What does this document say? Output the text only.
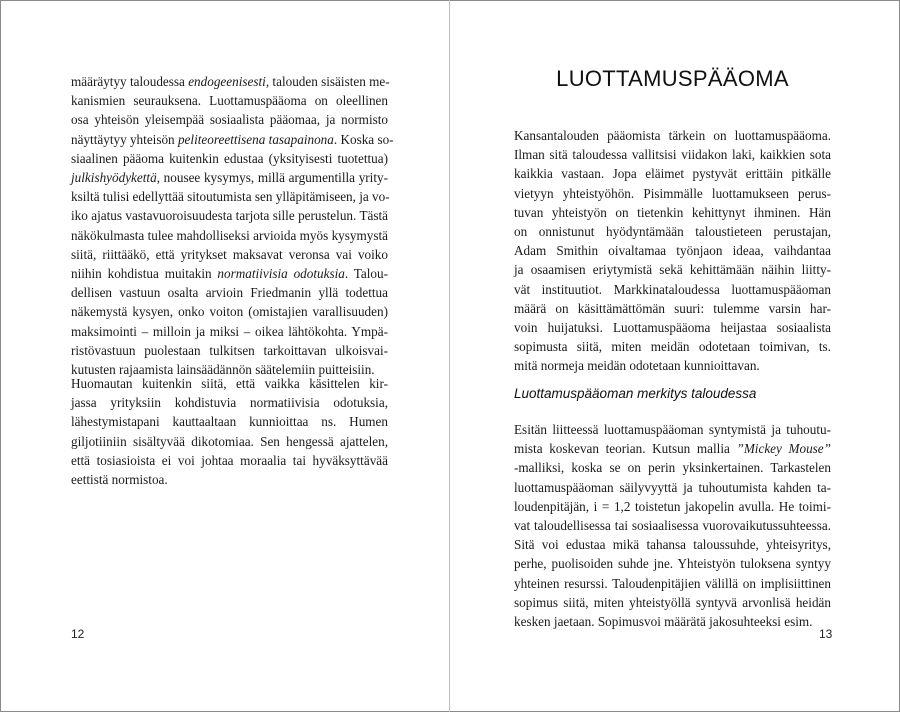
määräytyy taloudessa endogeenisesti, talouden sisäisten me-
kanismien seurauksena. Luottamuspääoma on oleellinen
osa yhteisön yleisempää sosiaalista pääomaa, ja normisto
näyttäytyy yhteisön peliteoreettisena tasapainona. Koska so-
siaalinen pääoma kuitenkin edustaa (yksityisesti tuotettua)
julkishyödykettä, nousee kysymys, millä argumentilla yrity-
ksiltä tulisi edellyttää sitoutumista sen ylläpitämiseen, ja vo-
iko ajatus vastavuoroisuudesta tarjota sille perustelun. Tästä
näkökulmasta tulee mahdolliseksi arvioida myös kysymystä
siitä, riittääkö, että yritykset maksavat veronsa vai voiko
niihin kohdistua muitakin normatiivisia odotuksia. Talou-
dellisen vastuun osalta arvioin Friedmanin yllä todettua
näkemystä kysyen, onko voiton (omistajien varallisuuden)
maksimointi – milloin ja miksi – oikea lähtökohta. Ympä-
ristövastuun puolestaan tulkitsen tarkoittavan ulkoisvai-
kutusten rajaamista lainsäädännön säätelemiin puitteisiin.
Huomautan kuitenkin siitä, että vaikka käsittelen kir-
jassa yrityksiin kohdistuvia normatiivisia odotuksia,
lähestymistapani kauttaaltaan kunnioittaa ns. Humen
giljotiiniin sisältyvää dikotomiaa. Sen hengessä ajattelen,
että tosiasioista ei voi johtaa moraalia tai hyväksyttävää
eettistä normistoa.
12
LUOTTAMUSPÄÄOMA
Kansantalouden pääomista tärkein on luottamuspääoma.
Ilman sitä taloudessa vallitsisi viidakon laki, kaikkien sota
kaikkia vastaan. Jopa eläimet pystyvät erittäin pitkälle
vietyyn yhteistyöhön. Pisimmälle luottamukseen perus-
tuvan yhteistyön on tietenkin kehittynyt ihminen. Hän
on onnistunut hyödyntämään taloustieteen perustajan,
Adam Smithin oivaltamaa työnjaon ideaa, vaihdantaa
ja osaamisen eriytymistä sekä kehittämään näihin liitty-
vät instituutiot. Markkinataloudessa luottamuspääoman
määrä on käsittämättömän suuri: tulemme varsin har-
voin huijatuksi. Luottamuspääoma heijastaa sosiaalista
sopimusta siitä, miten meidän odotetaan toimivan, ts.
mitä normeja meidän odotetaan kunnioittavan.
Luottamuspääoman merkitys taloudessa
Esitän liitteessä luottamuspääoman syntymistä ja tuhoutu-
mista koskevan teorian. Kutsun mallia ”Mickey Mouse”
-malliksi, koska se on perin yksinkertainen. Tarkastelen
luottamuspääoman säilyvyyttä ja tuhoutumista kahden ta-
loudenpitäjän, i = 1,2 toistetun jakopelin avulla. He toimi-
vat taloudellisessa tai sosiaalisessa vuorovaikutussuhteessa.
Sitä voi edustaa mikä tahansa taloussuhde, yhteisyritys,
perhe, puolisoiden suhde jne. Yhteistyön tuloksena syntyy
yhteinen resurssi. Taloudenpitäjien välillä on implisiittinen
sopimus siitä, miten yhteistyöllä syntyvä arvonlisä heidän
kesken jaetaan. Sopimusvoi määrätä jakosuhteeksi esim.
13
